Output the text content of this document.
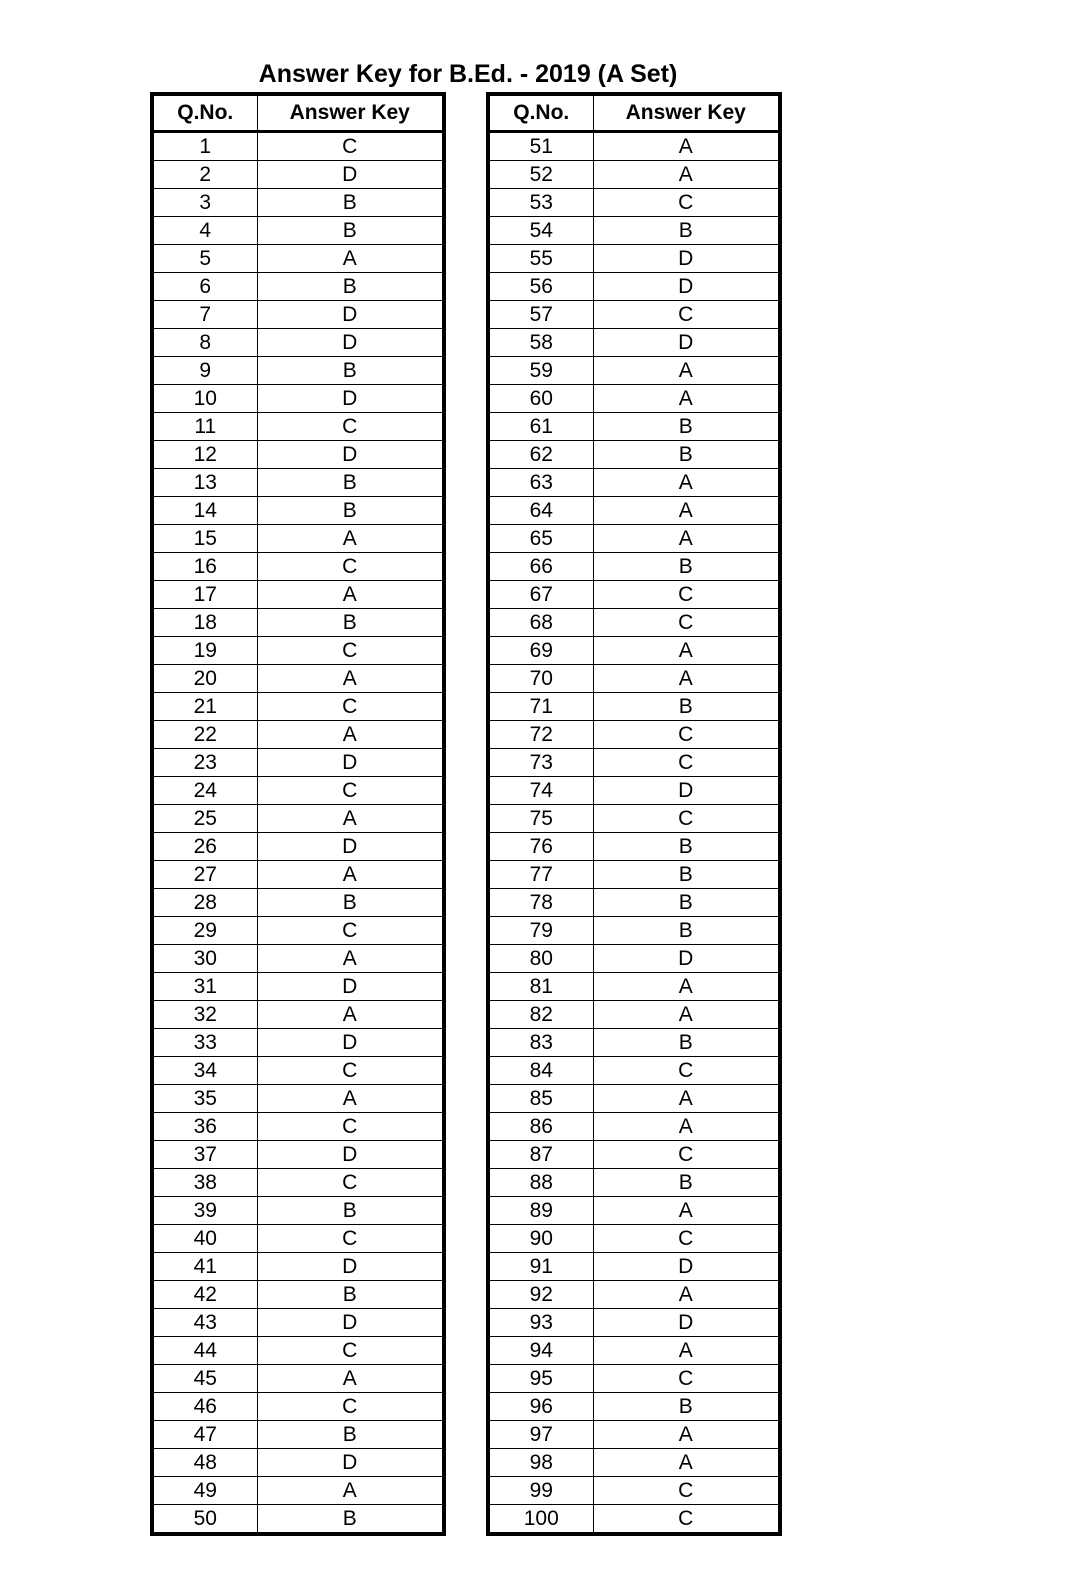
Answer Key for B.Ed. - 2019 (A Set)
Q.No.	Answer Key
1	C
2	D
3	B
4	B
5	A
6	B
7	D
8	D
9	B
10	D
11	C
12	D
13	B
14	B
15	A
16	C
17	A
18	B
19	C
20	A
21	C
22	A
23	D
24	C
25	A
26	D
27	A
28	B
29	C
30	A
31	D
32	A
33	D
34	C
35	A
36	C
37	D
38	C
39	B
40	C
41	D
42	B
43	D
44	C
45	A
46	C
47	B
48	D
49	A
50	B
Q.No.	Answer Key
51	A
52	A
53	C
54	B
55	D
56	D
57	C
58	D
59	A
60	A
61	B
62	B
63	A
64	A
65	A
66	B
67	C
68	C
69	A
70	A
71	B
72	C
73	C
74	D
75	C
76	B
77	B
78	B
79	B
80	D
81	A
82	A
83	B
84	C
85	A
86	A
87	C
88	B
89	A
90	C
91	D
92	A
93	D
94	A
95	C
96	B
97	A
98	A
99	C
100	C
